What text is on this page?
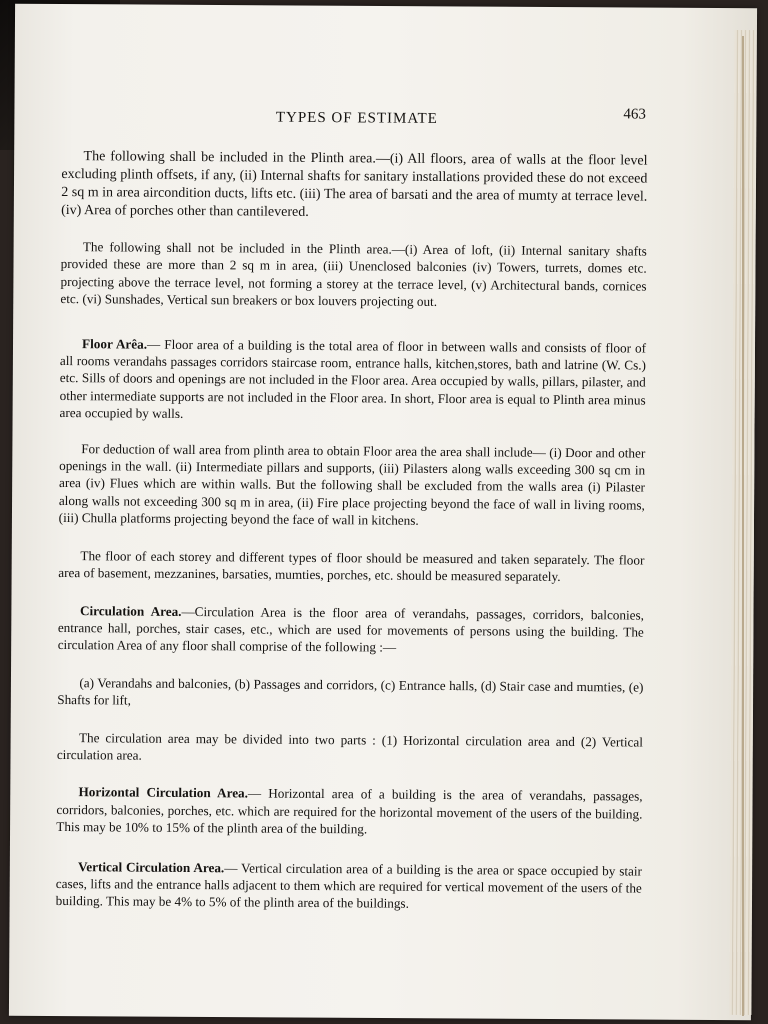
TYPES OF ESTIMATE	463

The following shall be included in the Plinth area.—(i) All floors, area of walls at the floor level excluding plinth offsets, if any, (ii) Internal shafts for sanitary installations provided these do not exceed 2 sq m in area aircondition ducts, lifts etc. (iii) The area of barsati and the area of mumty at terrace level. (iv) Area of porches other than cantilevered.

The following shall not be included in the Plinth area.—(i) Area of loft, (ii) Internal sanitary shafts provided these are more than 2 sq m in area, (iii) Unenclosed balconies (iv) Towers, turrets, domes etc. projecting above the terrace level, not forming a storey at the terrace level, (v) Architectural bands, cornices etc. (vi) Sunshades, Vertical sun breakers or box louvers projecting out.

Floor Arêa.— Floor area of a building is the total area of floor in between walls and consists of floor of all rooms verandahs passages corridors staircase room, entrance halls, kitchen,stores, bath and latrine (W. Cs.) etc. Sills of doors and openings are not included in the Floor area. Area occupied by walls, pillars, pilaster, and other intermediate supports are not included in the Floor area. In short, Floor area is equal to Plinth area minus area occupied by walls.

For deduction of wall area from plinth area to obtain Floor area the area shall include— (i) Door and other openings in the wall. (ii) Intermediate pillars and supports, (iii) Pilasters along walls exceeding 300 sq cm in area (iv) Flues which are within walls. But the following shall be excluded from the walls area (i) Pilaster along walls not exceeding 300 sq m in area, (ii) Fire place projecting beyond the face of wall in living rooms, (iii) Chulla platforms projecting beyond the face of wall in kitchens.

The floor of each storey and different types of floor should be measured and taken separately. The floor area of basement, mezzanines, barsaties, mumties, porches, etc. should be measured separately.

Circulation Area.—Circulation Area is the floor area of verandahs, passages, corridors, balconies, entrance hall, porches, stair cases, etc., which are used for movements of persons using the building. The circulation Area of any floor shall comprise of the following :—

(a) Verandahs and balconies, (b) Passages and corridors, (c) Entrance halls, (d) Stair case and mumties, (e) Shafts for lift,

The circulation area may be divided into two parts : (1) Horizontal circulation area and (2) Vertical circulation area.

Horizontal Circulation Area.— Horizontal area of a building is the area of verandahs, passages, corridors, balconies, porches, etc. which are required for the horizontal movement of the users of the building. This may be 10% to 15% of the plinth area of the building.

Vertical Circulation Area.— Vertical circulation area of a building is the area or space occupied by stair cases, lifts and the entrance halls adjacent to them which are required for vertical movement of the users of the building. This may be 4% to 5% of the plinth area of the buildings.
